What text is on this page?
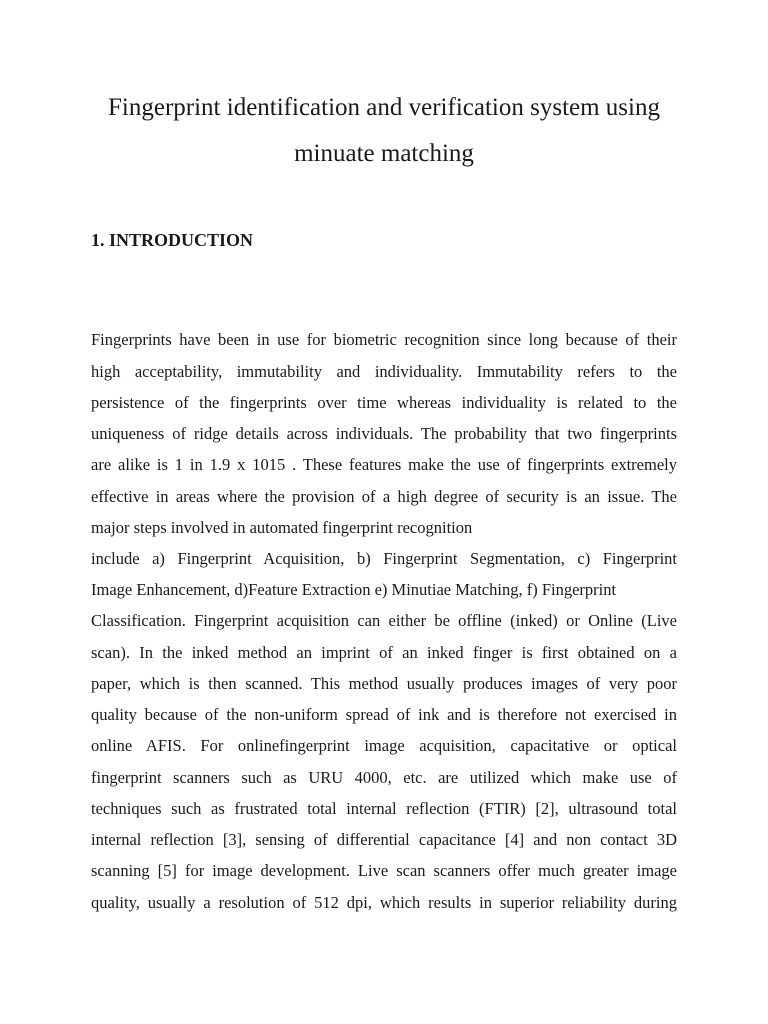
Fingerprint identification and verification system using
minuate matching
1. INTRODUCTION
Fingerprints have been in use for biometric recognition since long because of their
high acceptability, immutability and individuality. Immutability refers to the
persistence of the fingerprints over time whereas individuality is related to the
uniqueness of ridge details across individuals. The probability that two fingerprints
are alike is 1 in 1.9 x 1015 . These features make the use of fingerprints extremely
effective in areas where the provision of a high degree of security is an issue. The
major steps involved in automated fingerprint recognition
include a) Fingerprint Acquisition, b) Fingerprint Segmentation, c) Fingerprint
Image Enhancement, d)Feature Extraction e) Minutiae Matching, f) Fingerprint
Classification. Fingerprint acquisition can either be offline (inked) or Online (Live
scan). In the inked method an imprint of an inked finger is first obtained on a
paper, which is then scanned. This method usually produces images of very poor
quality because of the non-uniform spread of ink and is therefore not exercised in
online AFIS. For onlinefingerprint image acquisition, capacitative or optical
fingerprint scanners such as URU 4000, etc. are utilized which make use of
techniques such as frustrated total internal reflection (FTIR) [2], ultrasound total
internal reflection [3], sensing of differential capacitance [4] and non contact 3D
scanning [5] for image development. Live scan scanners offer much greater image
quality, usually a resolution of 512 dpi, which results in superior reliability during
